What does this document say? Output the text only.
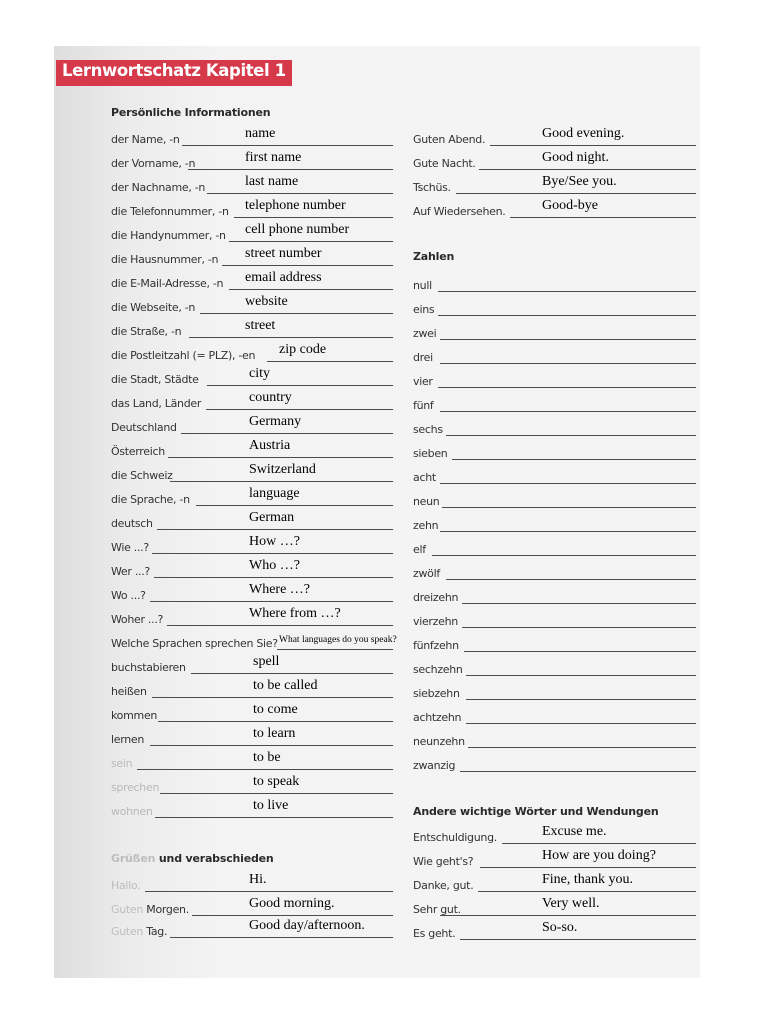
Lernwortschatz Kapitel 1
Persönliche Informationen
der Name, -n	name
der Vorname, -n	first name
der Nachname, -n	last name
die Telefonnummer, -n telephone number
die Handynummer, -n cell phone number
die Hausnummer, -n street number
die E-Mail-Adresse, -n email address
die Webseite, -n	website
die Straße, -n	street
die Postleitzahl (= PLZ), -en zip code
die Stadt, Städte	city
das Land, Länder	country
Deutschland	Germany
Österreich	Austria
die Schweiz	Switzerland
die Sprache, -n	language
deutsch	German
Wie ...?	How …?
Wer ...?	Who …?
Wo ...?	Where …?
Woher ...?	Where from …?
Welche Sprachen sprechen Sie? What languages do you speak?
buchstabieren	spell
heißen	to be called
kommen	to come
lernen	to learn
sein	to be
sprechen	to speak
wohnen	to live
Grüßen und verabschieden
Hallo.	Hi.
Guten Morgen.	Good morning.
Guten Tag.	Good day/afternoon.
Guten Abend.	Good evening.
Gute Nacht.	Good night.
Tschüs.	Bye/See you.
Auf Wiedersehen.	Good-bye
Zahlen
null
eins
zwei
drei
vier
fünf
sechs
sieben
acht
neun
zehn
elf
zwölf
dreizehn
vierzehn
fünfzehn
sechzehn
siebzehn
achtzehn
neunzehn
zwanzig
Andere wichtige Wörter und Wendungen
Entschuldigung.	Excuse me.
Wie geht's?	How are you doing?
Danke, gut.	Fine, thank you.
Sehr gut.	Very well.
Es geht.	So-so.
